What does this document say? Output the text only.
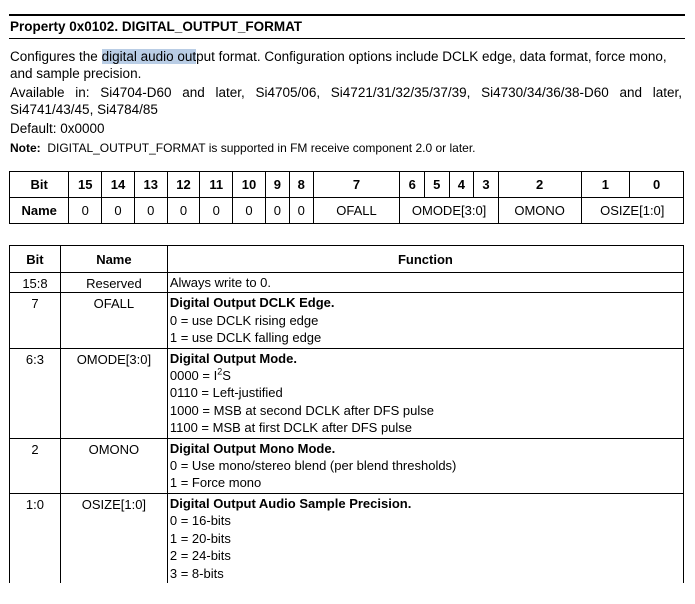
Property 0x0102. DIGITAL_OUTPUT_FORMAT
Configures the digital audio output format. Configuration options include DCLK edge, data format, force mono, and sample precision.
Available in: Si4704-D60 and later, Si4705/06, Si4721/31/32/35/37/39, Si4730/34/36/38-D60 and later,
Si4741/43/45, Si4784/85
Default: 0x0000
Note: DIGITAL_OUTPUT_FORMAT is supported in FM receive component 2.0 or later.
Bit	15	14	13	12	11	10	9	8	7	6	5	4	3	2	1	0
Name	0	0	0	0	0	0	0	0	OFALL	OMODE[3:0]				OMONO	OSIZE[1:0]	
Bit	Name	Function
15:8	Reserved	Always write to 0.

7	OFALL	Digital Output DCLK Edge.
0 = use DCLK rising edge
1 = use DCLK falling edge

6:3	OMODE[3:0]	Digital Output Mode.
$0000 = I^2S$
0110 = Left-justified
1000 = MSB at second DCLK after DFS pulse
1100 = MSB at first DCLK after DFS pulse

2	OMONO	Digital Output Mono Mode.
0 = Use mono/stereo blend (per blend thresholds)
1 = Force mono

1:0	OSIZE[1:0]	Digital Output Audio Sample Precision.
0 = 16-bits
1 = 20-bits
2 = 24-bits
3 = 8-bits
